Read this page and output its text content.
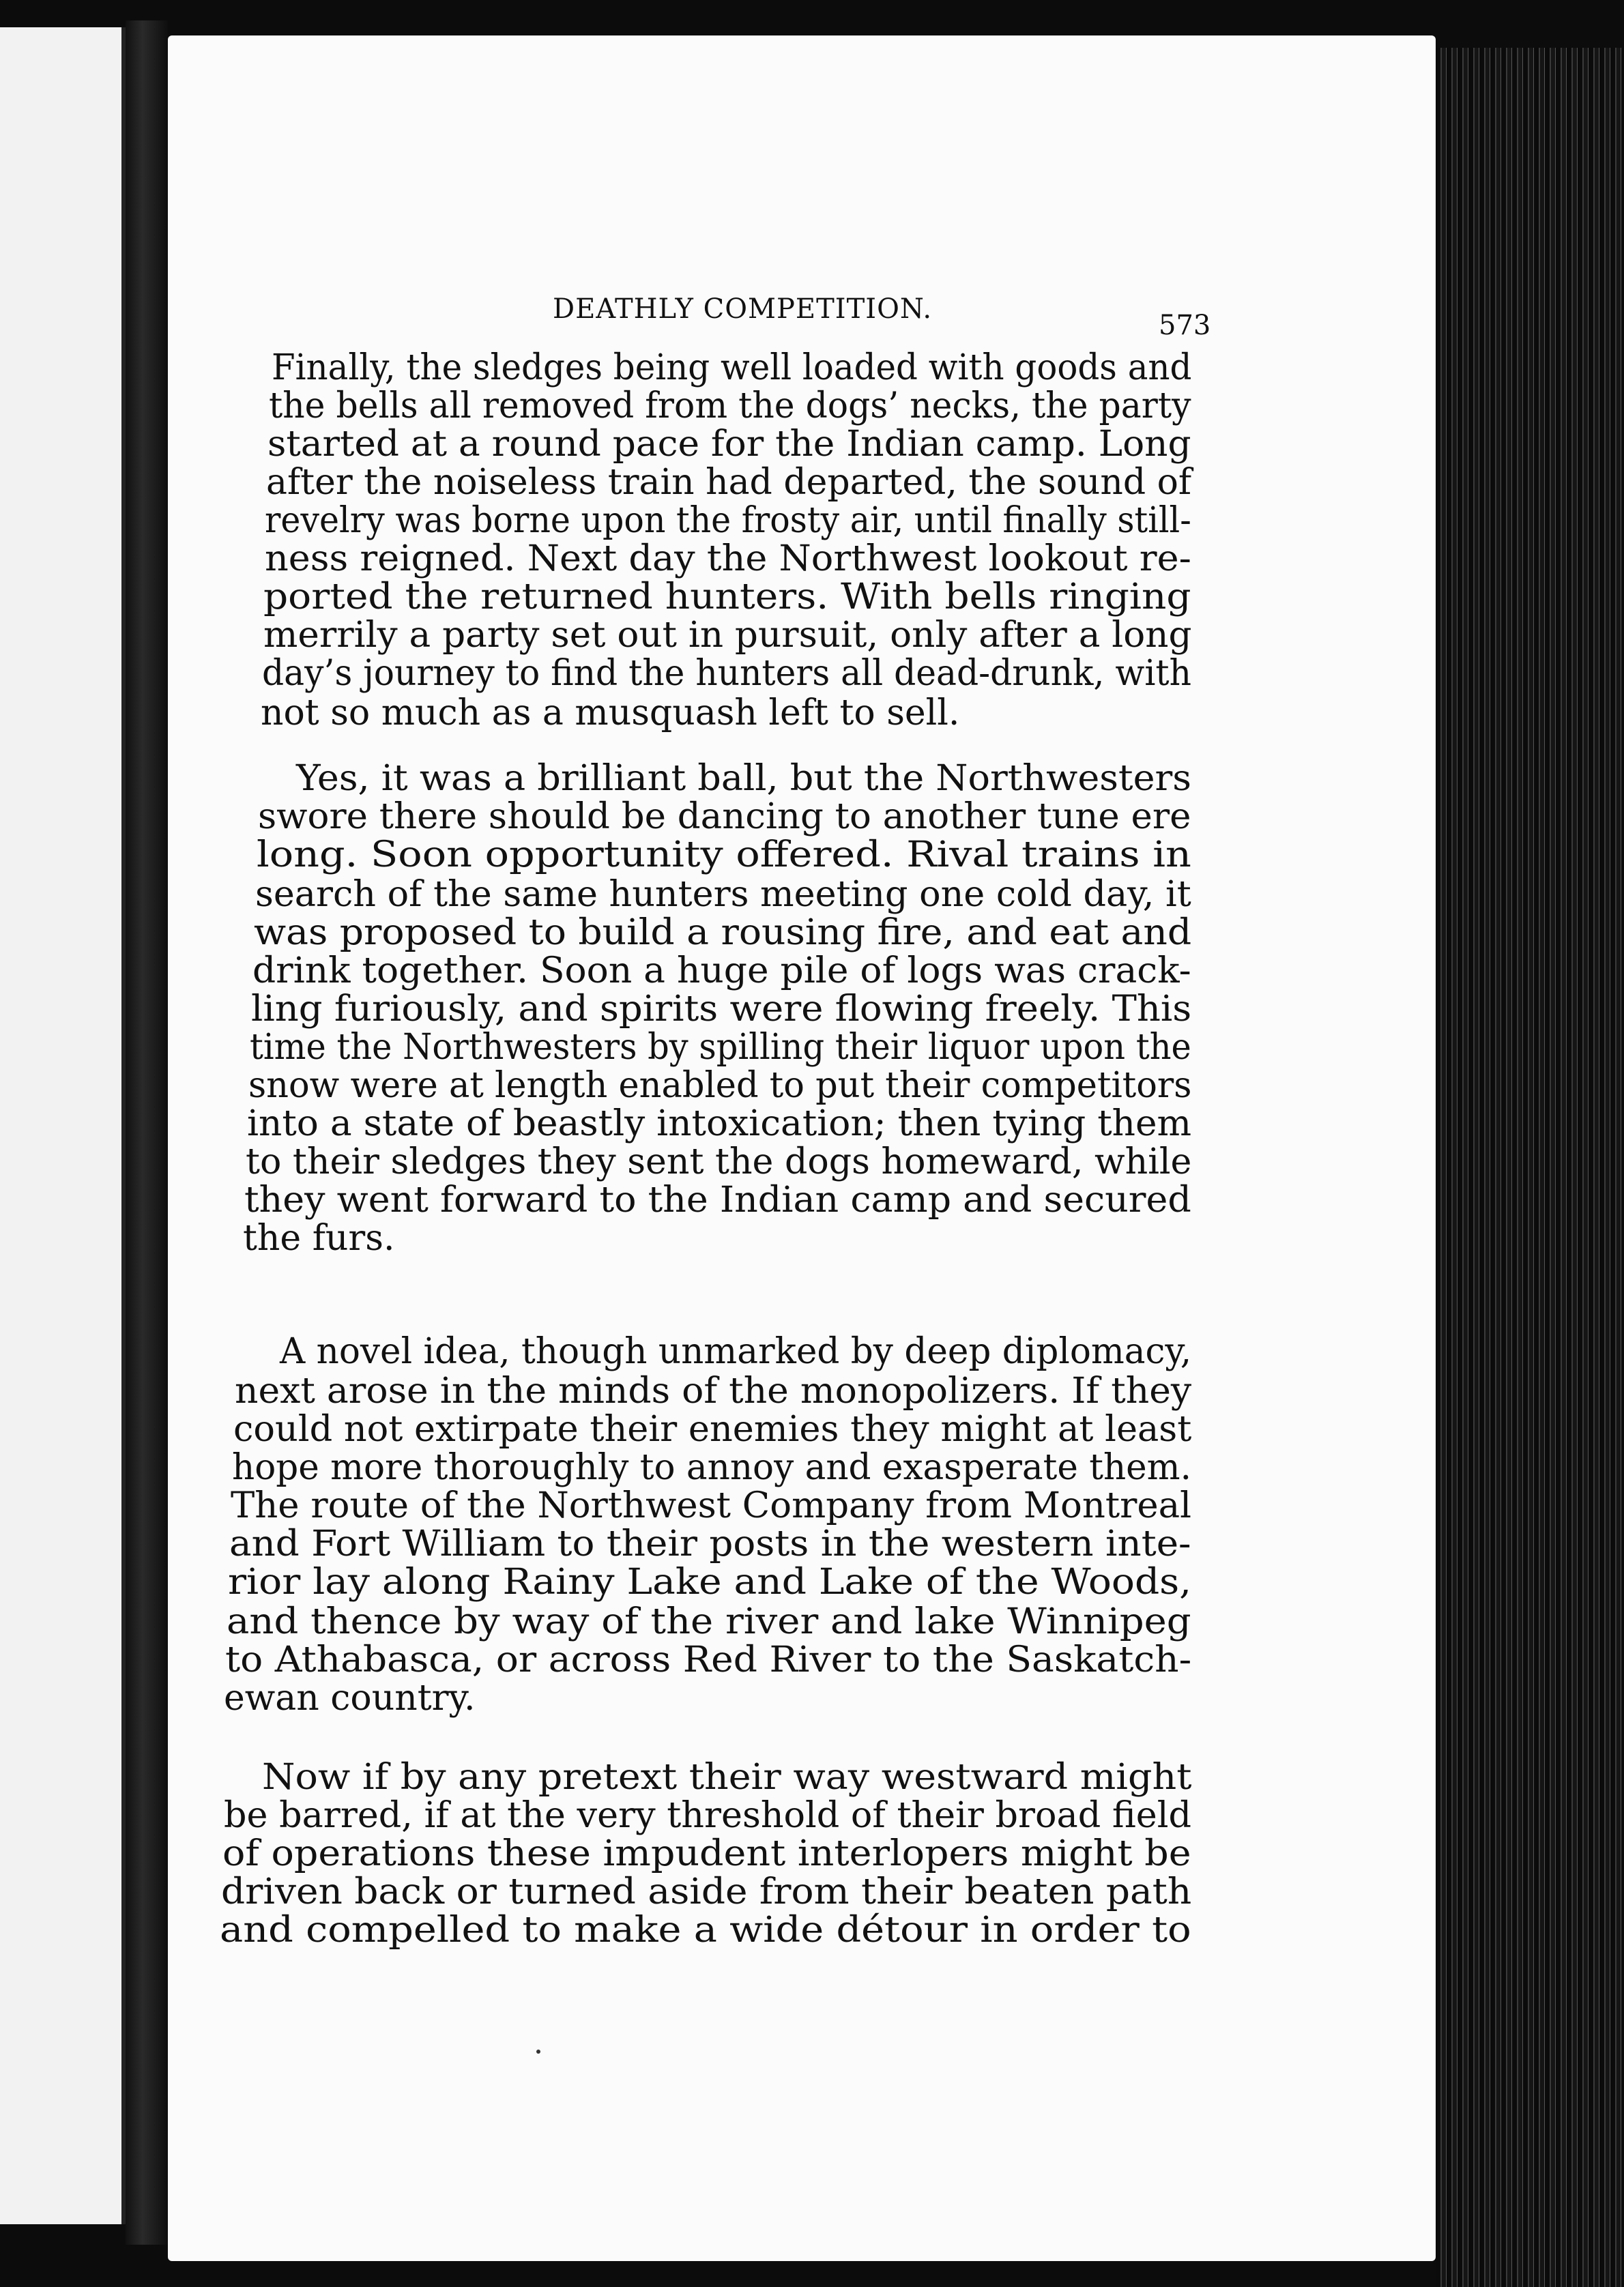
DEATHLY COMPETITION.
573
Finally, the sledges being well loaded with goods and
the bells all removed from the dogs’ necks, the party
started at a round pace for the Indian camp. Long
after the noiseless train had departed, the sound of
revelry was borne upon the frosty air, until finally still-
ness reigned. Next day the Northwest lookout re-
ported the returned hunters. With bells ringing
merrily a party set out in pursuit, only after a long
day’s journey to find the hunters all dead-drunk, with
not so much as a musquash left to sell.
Yes, it was a brilliant ball, but the Northwesters
swore there should be dancing to another tune ere
long. Soon opportunity offered. Rival trains in
search of the same hunters meeting one cold day, it
was proposed to build a rousing fire, and eat and
drink together. Soon a huge pile of logs was crack-
ling furiously, and spirits were flowing freely. This
time the Northwesters by spilling their liquor upon the
snow were at length enabled to put their competitors
into a state of beastly intoxication; then tying them
to their sledges they sent the dogs homeward, while
they went forward to the Indian camp and secured
the furs.
A novel idea, though unmarked by deep diplomacy,
next arose in the minds of the monopolizers. If they
could not extirpate their enemies they might at least
hope more thoroughly to annoy and exasperate them.
The route of the Northwest Company from Montreal
and Fort William to their posts in the western inte-
rior lay along Rainy Lake and Lake of the Woods,
and thence by way of the river and lake Winnipeg
to Athabasca, or across Red River to the Saskatch-
ewan country.
Now if by any pretext their way westward might
be barred, if at the very threshold of their broad field
of operations these impudent interlopers might be
driven back or turned aside from their beaten path
and compelled to make a wide détour in order to
